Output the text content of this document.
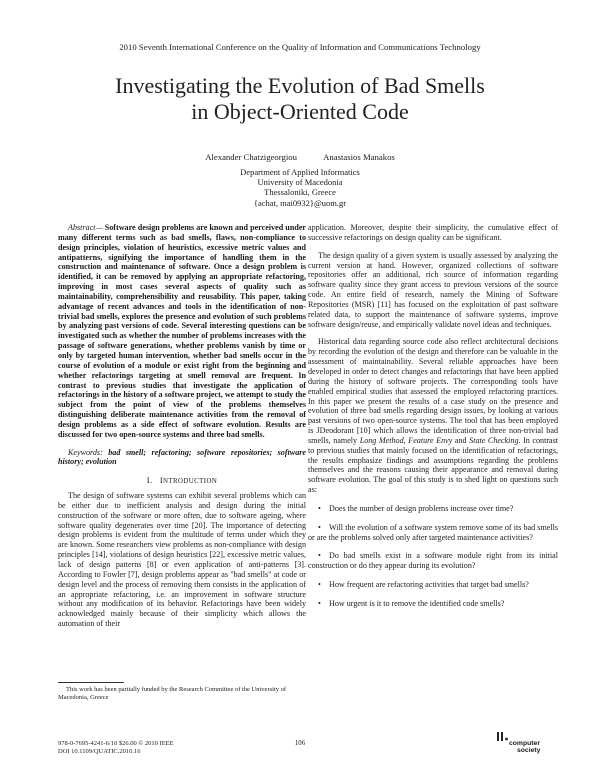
2010 Seventh International Conference on the Quality of Information and Communications Technology
Investigating the Evolution of Bad Smells
in Object-Oriented Code
Alexander Chatzigeorgiou	Anastasios Manakos
Department of Applied Informatics
University of Macedonia
Thessaloniki, Greece
{achat, mai0932}@uom.gr

Abstract— Software design problems are known and perceived under many different terms such as bad smells, flaws, non-compliance to design principles, violation of heuristics, excessive metric values and antipatterns, signifying the importance of handling them in the construction and maintenance of software. Once a design problem is identified, it can be removed by applying an appropriate refactoring, improving in most cases several aspects of quality such as maintainability, comprehensibility and reusability. This paper, taking advantage of recent advances and tools in the identification of non-trivial bad smells, explores the presence and evolution of such problems by analyzing past versions of code. Several interesting questions can be investigated such as whether the number of problems increases with the passage of software generations, whether problems vanish by time or only by targeted human intervention, whether bad smells occur in the course of evolution of a module or exist right from the beginning and whether refactorings targeting at smell removal are frequent. In contrast to previous studies that investigate the application of refactorings in the history of a software project, we attempt to study the subject from the point of view of the problems themselves distinguishing deliberate maintenance activities from the removal of design problems as a side effect of software evolution. Results are discussed for two open-source systems and three bad smells.

Keywords: bad smell; refactoring; software repositories; software history; evolution

I. INTRODUCTION

The design of software systems can exhibit several problems which can be either due to inefficient analysis and design during the initial construction of the software or more often, due to software ageing, where software quality degenerates over time [20]. The importance of detecting design problems is evident from the multitude of terms under which they are known. Some researchers view problems as non-compliance with design principles [14], violations of design heuristics [22], excessive metric values, lack of design patterns [8] or even application of anti-patterns [3]. According to Fowler [7], design problems appear as "bad smells" at code or design level and the process of removing them consists in the application of an appropriate refactoring, i.e. an improvement in software structure without any modification of its behavior. Refactorings have been widely acknowledged mainly because of their simplicity which allows the automation of their

application. Moreover, despite their simplicity, the cumulative effect of successive refactorings on design quality can be significant.

The design quality of a given system is usually assessed by analyzing the current version at hand. However, organized collections of software repositories offer an additional, rich source of information regarding software quality since they grant access to previous versions of the source code. An entire field of research, namely the Mining of Software Repositories (MSR) [11] has focused on the exploitation of past software related data, to support the maintenance of software systems, improve software design/reuse, and empirically validate novel ideas and techniques.

Historical data regarding source code also reflect architectural decisions by recording the evolution of the design and therefore can be valuable in the assessment of maintainability. Several reliable approaches have been developed in order to detect changes and refactorings that have been applied during the history of software projects. The corresponding tools have enabled empirical studies that assessed the employed refactoring practices. In this paper we present the results of a case study on the presence and evolution of three bad smells regarding design issues, by looking at various past versions of two open-source systems. The tool that has been employed is JDeodorant [10] which allows the identification of three non-trivial bad smells, namely Long Method, Feature Envy and State Checking. In contrast to previous studies that mainly focused on the identification of refactorings, the results emphasize findings and assumptions regarding the problems themselves and the reasons causing their appearance and removal during software evolution. The goal of this study is to shed light on questions such as:

• Does the number of design problems increase over time?

• Will the evolution of a software system remove some of its bad smells or are the problems solved only after targeted maintenance activities?

• Do bad smells exist in a software module right from its initial construction or do they appear during its evolution?

• How frequent are refactoring activities that target bad smells?

• How urgent is it to remove the identified code smells?

This work has been partially funded by the Research Committee of the University of Macedonia, Greece

978-0-7695-4241-6/10 $26.00 © 2010 IEEE
DOI 10.1109/QUATIC.2010.16
106	computer
society
